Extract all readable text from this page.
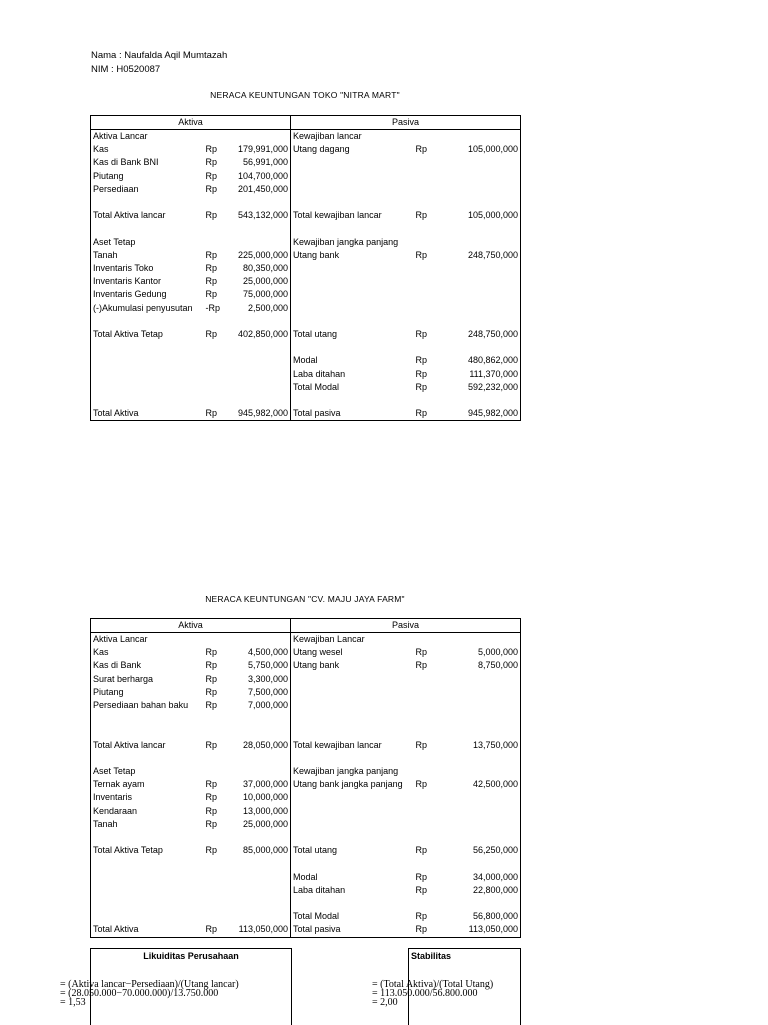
Nama : Naufalda Aqil Mumtazah
NIM : H0520087
NERACA KEUNTUNGAN TOKO "NITRA MART"
Aktiva			Pasiva		
Aktiva Lancar			Kewajiban lancar		
Kas	Rp	179,991,000	Utang dagang	Rp	105,000,000
Kas di Bank BNI	Rp	56,991,000			
Piutang	Rp	104,700,000			
Persediaan	Rp	201,450,000			

Total Aktiva lancar	Rp	543,132,000	Total kewajiban lancar	Rp	105,000,000

Aset Tetap			Kewajiban jangka panjang		
Tanah	Rp	225,000,000	Utang bank	Rp	248,750,000
Inventaris Toko	Rp	80,350,000			
Inventaris Kantor	Rp	25,000,000			
Inventaris Gedung	Rp	75,000,000			
(-)Akumulasi penyusutan	-Rp	2,500,000			

Total Aktiva Tetap	Rp	402,850,000	Total utang	Rp	248,750,000

			Modal	Rp	480,862,000
			Laba ditahan	Rp	111,370,000
			Total Modal	Rp	592,232,000

Total Aktiva	Rp	945,982,000	Total pasiva	Rp	945,982,000
NERACA KEUNTUNGAN "CV. MAJU JAYA FARM"
Aktiva			Pasiva		
Aktiva Lancar			Kewajiban Lancar		
Kas	Rp	4,500,000	Utang wesel	Rp	5,000,000
Kas di Bank	Rp	5,750,000	Utang bank	Rp	8,750,000
Surat berharga	Rp	3,300,000			
Piutang	Rp	7,500,000			
Persediaan bahan baku	Rp	7,000,000			

Total Aktiva lancar	Rp	28,050,000	Total kewajiban lancar	Rp	13,750,000

Aset Tetap			Kewajiban jangka panjang		
Ternak ayam	Rp	37,000,000	Utang bank jangka panjang	Rp	42,500,000
Inventaris	Rp	10,000,000			
Kendaraan	Rp	13,000,000			
Tanah	Rp	25,000,000			

Total Aktiva Tetap	Rp	85,000,000	Total utang	Rp	56,250,000

			Modal	Rp	34,000,000
			Laba ditahan	Rp	22,800,000

			Total Modal	Rp	56,800,000
Total Aktiva	Rp	113,050,000	Total pasiva	Rp	113,050,000
Likuiditas Perusahaan	Stabilitas
= (Aktiva lancar−Persediaan)/(Utang lancar)
= (28.050.000−70.000.000)/13.750.000
= 1,53
= (Total Aktiva)/(Total Utang)
= 113.050.000/56.800.000
= 2,00
